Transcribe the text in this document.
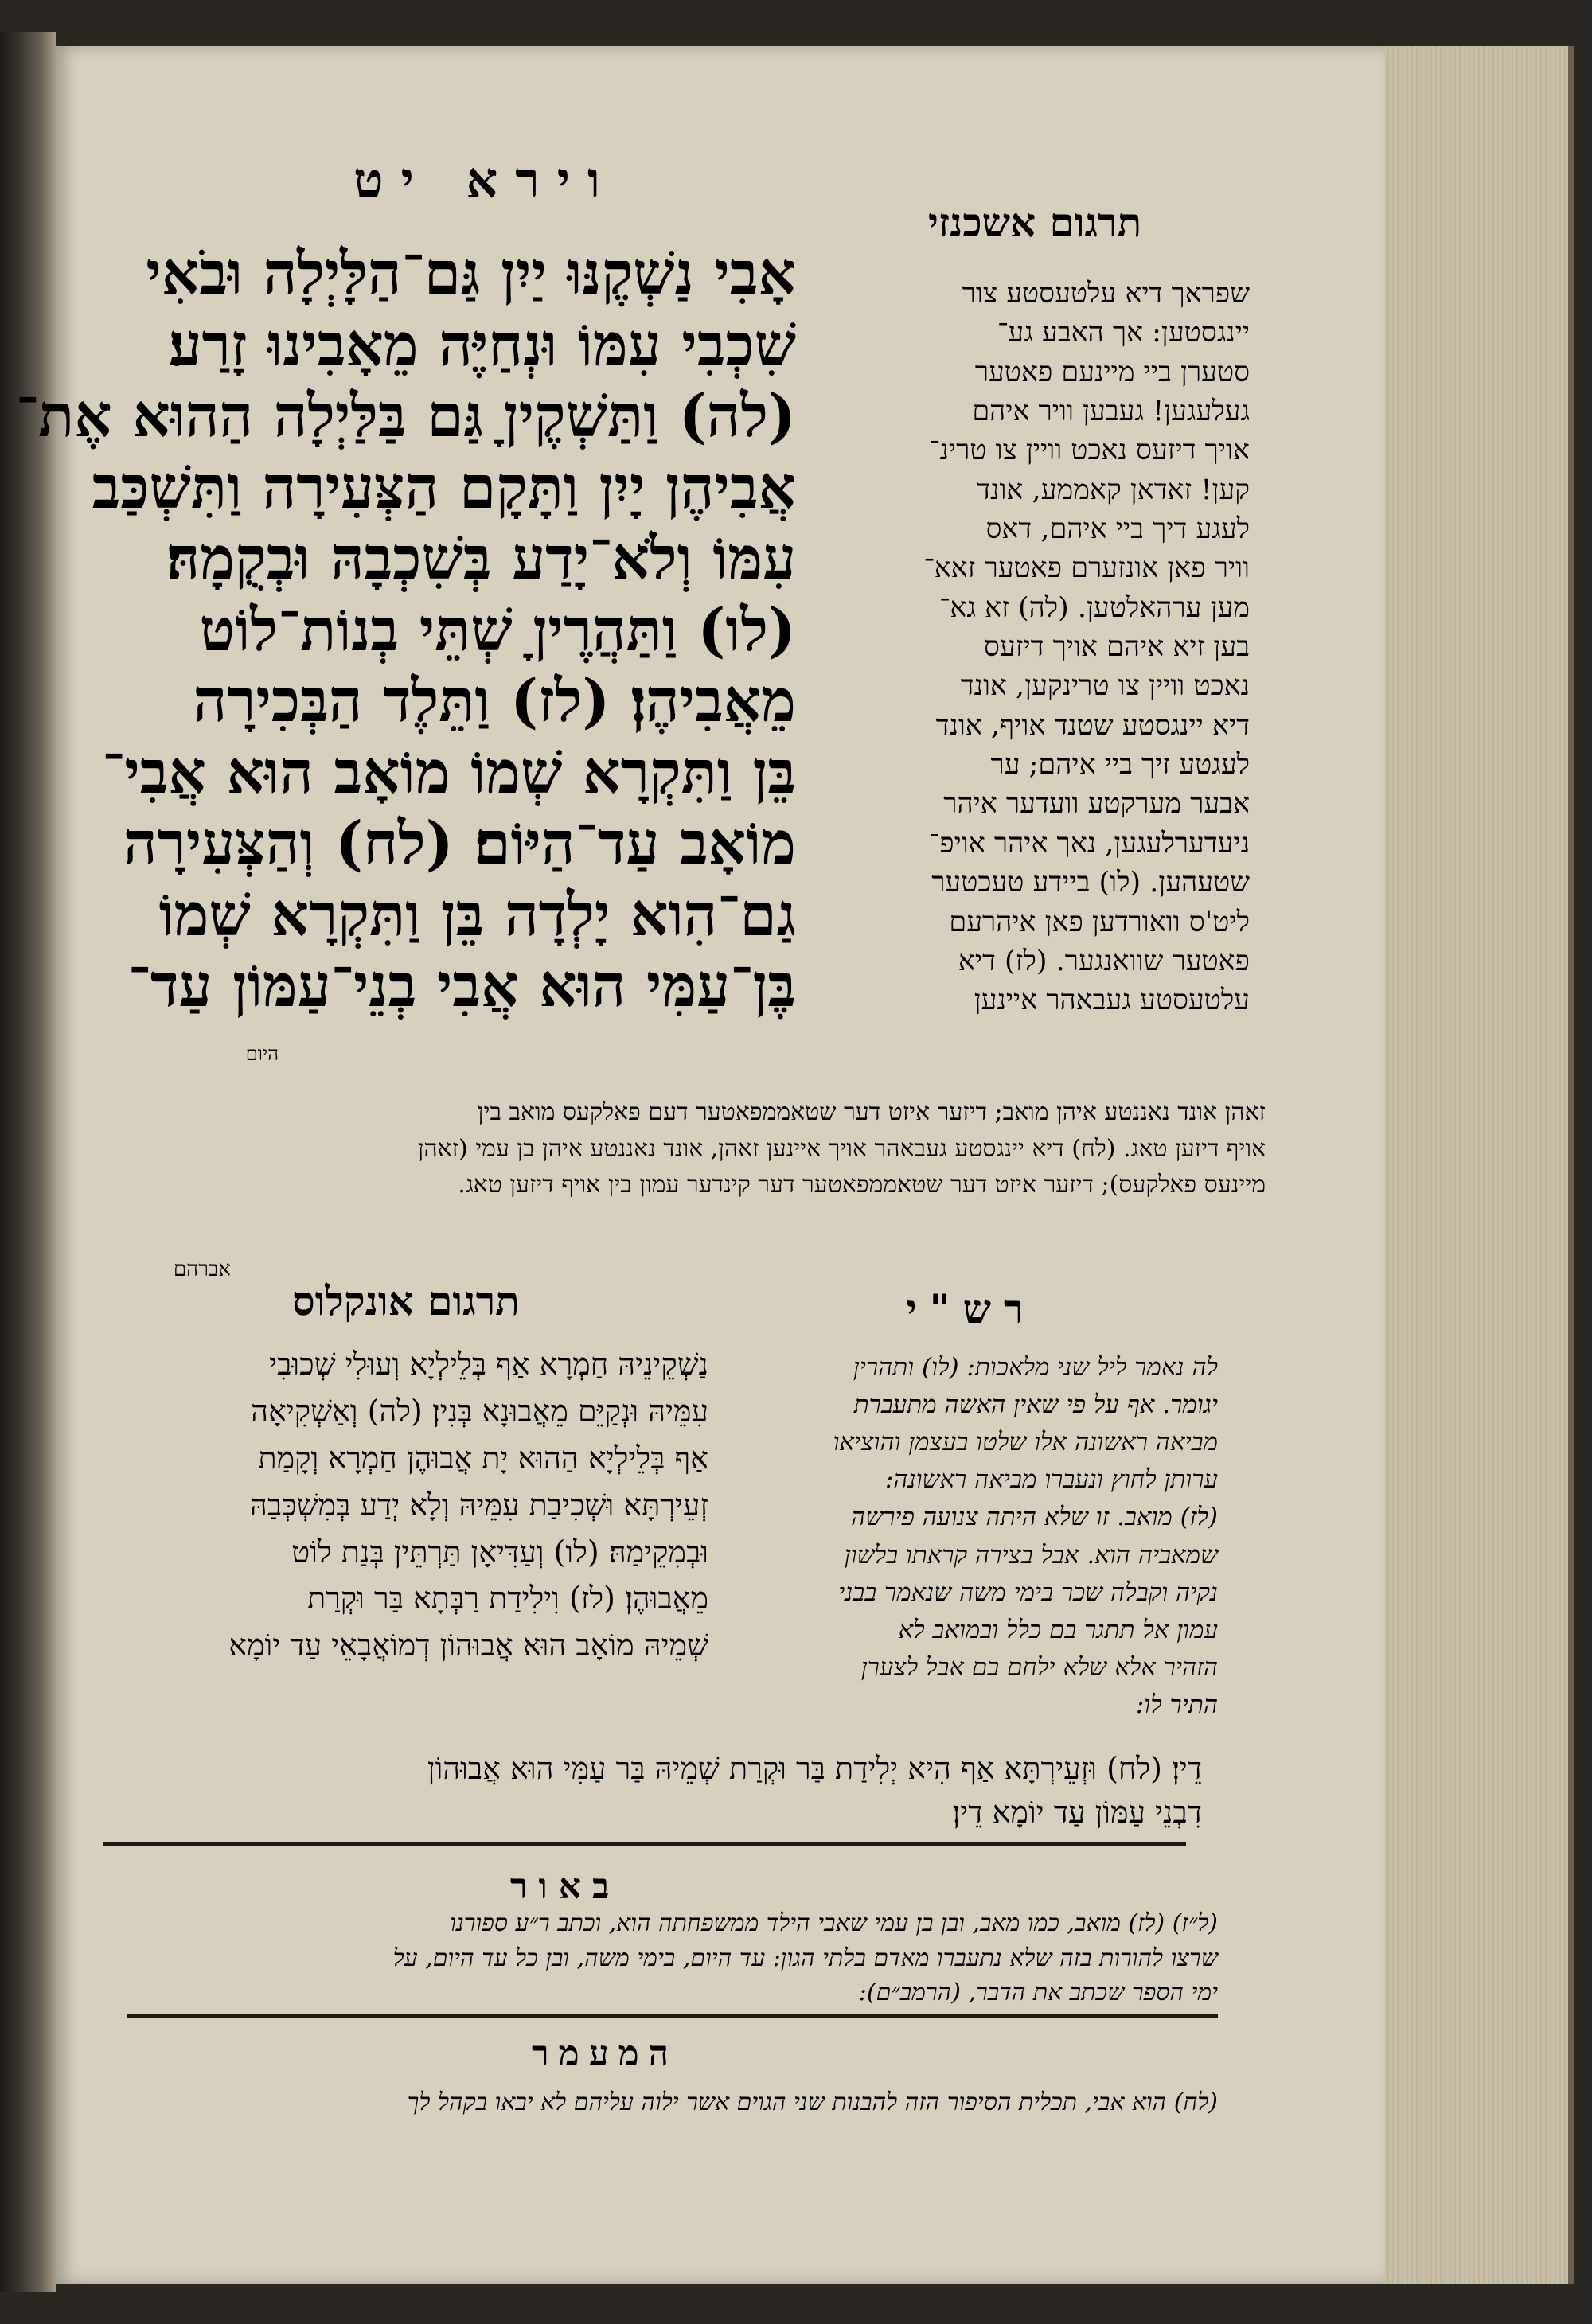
וירא יט
תרגום אשכנזי
אָבִי נַשְׁקֶנּוּ יַיִן גַּם־הַלָּיְלָה וּבֹאִי
שִׁכְבִי עִמּוֹ וּנְחַיֶּה מֵאָבִינוּ זָרַע׃
(לה) וַתַּשְׁקֶיןָ גַּם בַּלַּיְלָה הַהוּא אֶת־
אֲבִיהֶן יָיִן וַתָּקָם הַצְּעִירָה וַתִּשְׁכַּב
עִמּוֹ וְלֹא־יָדַע בְּשִׁכְבָהּ וּבְקֻמָהּ׃
(לו) וַתַּהֲרֶיןָ שְׁתֵּי בְנוֹת־לוֹט
מֵאֲבִיהֶן׃ (לז) וַתֵּלֶד הַבְּכִירָה
בֵּן וַתִּקְרָא שְׁמוֹ מוֹאָב הוּא אֲבִי־
מוֹאָב עַד־הַיּוֹם׃ (לח) וְהַצְּעִירָה
גַם־הִוא יָלְדָה בֵּן וַתִּקְרָא שְׁמוֹ
בֶּן־עַמִּי הוּא אֲבִי בְנֵי־עַמּוֹן עַד־
היום
שפראך דיא עלטעסטע צור
יינגסטען: אך האבע גע־
סטערן ביי מיינעם פאטער
געלעגען! געבען וויר איהם
אויך דיזעס נאכט וויין צו טרינ־
קען! זאדאן קאממע, אונד
לעגע דיך ביי איהם, דאס
וויר פאן אונזערם פאטער זאא־
מען ערהאלטען. (לה) זא גא־
בען זיא איהם אויך דיזעס
נאכט וויין צו טרינקען, אונד
דיא יינגסטע שטנד אויף, אונד
לעגטע זיך ביי איהם; ער
אבער מערקטע וועדער איהר
ניעדערלעגען, נאך איהר אויפ־
שטעהען. (לו) ביידע טעכטער
ליט'ס וואורדען פאן איהרעם
פאטער שוואנגער. (לז) דיא
עלטעסטע געבאהר איינען
זאהן אונד נאננטע איהן מואב; דיזער איזט דער שטאממפאטער דעם פאלקעס מואב בין
אויף דיזען טאג. (לח) דיא יינגסטע געבאהר אויך איינען זאהן, אונד נאננטע איהן בן עמי (זאהן
מיינעס פאלקעס); דיזער איזט דער שטאממפאטער דער קינדער עמון בין אויף דיזען טאג.
אברהם
רש"י
תרגום אונקלוס
לה נאמר ליל שני מלאכות: (לו) ותהרין
יגומר. אף על פי שאין האשה מתעברת
מביאה ראשונה אלו שלטו בעצמן והוציאו
ערותן לחוץ ונעברו מביאה ראשונה:
(לז) מואב. זו שלא היתה צנועה פירשה
שמאביה הוא. אבל בצירה קראתו בלשון
נקיה וקבלה שכר בימי משה שנאמר בבני
עמון אל תתגר בם כלל ובמואב לא
הזהיר אלא שלא ילחם בם אבל לצערן
התיר לו:
נַשְׁקֵינֵיהּ חַמְרָא אַף בְּלֵילְיָא וְעוּלִי שְׁכוּבִי
עִמֵּיהּ וּנְקַיֵּם מֵאֲבוּנָא בְּנִין׃ (לה) וְאַשְׁקִיאָה
אַף בְּלֵילְיָא הַהוּא יָת אֲבוּהֶן חַמְרָא וְקָמַת
זְעֵירְתָּא וּשְׁכִיבַת עִמֵּיהּ וְלָא יְדַע בְּמִשְׁכְּבַהּ
וּבְמִקֵימַהּ׃ (לו) וְעַדִּיאָן תַּרְתֵּין בְּנַת לוֹט
מֵאֲבוּהֶן׃ (לז) וִילִידַת רַבְּתָא בַּר וּקְרַת
שְׁמֵיהּ מוֹאָב הוּא אֲבוּהוֹן דְמוֹאֲבָאֵי עַד יוֹמָא
דֵין׃ (לח) וּזְעֵירְתָּא אַף הִיא יְלִידַת בַּר וּקְרַת שְׁמֵיהּ בַּר עַמִּי הוּא אֲבוּהוֹן
דִבְנֵי עַמּוֹן עַד יוֹמָא דֵין׃
באור
(ל״ז) (לז) מואב, כמו מאב, ובן בן עמי שאבי הילד ממשפחתה הוא, וכתב ר״ע ספורנו
שרצו להורות בזה שלא נתעברו מאדם בלתי הגון: עד היום, בימי משה, ובן כל עד היום, על
ימי הספר שכתב את הדבר, (הרמב״ם):
המעמר
(לח) הוא אבי, תכלית הסיפור הזה להבנות שני הגוים אשר ילוה עליהם לא יבאו בקהל לך
